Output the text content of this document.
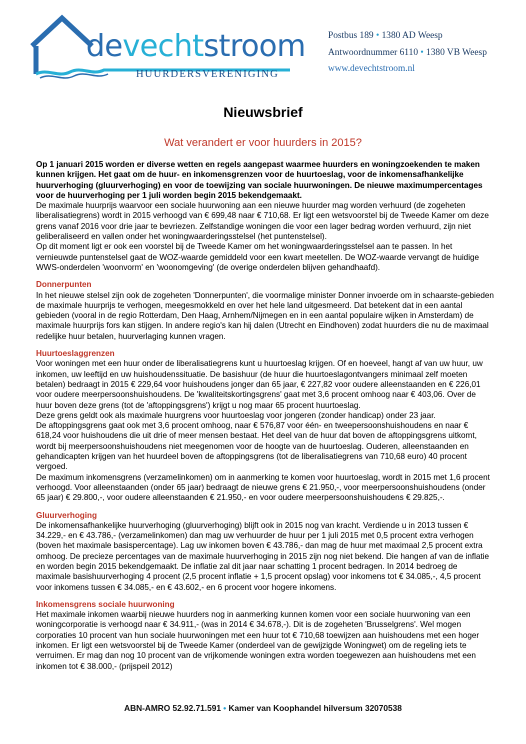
devechtstroom
HUURDERSVERENIGING
Postbus 189 • 1380 AD Weesp
Antwoordnummer 6110 • 1380 VB Weesp
www.devechtstroom.nl
Nieuwsbrief
Wat verandert er voor huurders in 2015?

Op 1 januari 2015 worden er diverse wetten en regels aangepast waarmee huurders en woningzoekenden te maken kunnen krijgen. Het gaat om de huur- en inkomensgrenzen voor de huurtoeslag, voor de inkomensafhankelijke huurverhoging (gluurverhoging) en voor de toewijzing van sociale huurwoningen. De nieuwe maximumpercentages voor de huurverhoging per 1 juli worden begin 2015 bekendgemaakt.

De maximale huurprijs waarvoor een sociale huurwoning aan een nieuwe huurder mag worden verhuurd (de zogeheten liberalisatiegrens) wordt in 2015 verhoogd van € 699,48 naar € 710,68. Er ligt een wetsvoorstel bij de Tweede Kamer om deze grens vanaf 2016 voor drie jaar te bevriezen. Zelfstandige woningen die voor een lager bedrag worden verhuurd, zijn niet geliberaliseerd en vallen onder het woningwaarderingsstelsel (het puntenstelsel).

Op dit moment ligt er ook een voorstel bij de Tweede Kamer om het woningwaarderingsstelsel aan te passen. In het vernieuwde puntenstelsel gaat de WOZ-waarde gemiddeld voor een kwart meetellen. De WOZ-waarde vervangt de huidige WWS-onderdelen 'woonvorm' en 'woonomgeving' (de overige onderdelen blijven gehandhaafd).

Donnerpunten

In het nieuwe stelsel zijn ook de zogeheten 'Donnerpunten', die voormalige minister Donner invoerde om in schaarste-gebieden de maximale huurprijs te verhogen, meegesmokkeld en over het hele land uitgesmeerd. Dat betekent dat in een aantal gebieden (vooral in de regio Rotterdam, Den Haag, Arnhem/Nijmegen en in een aantal populaire wijken in Amsterdam) de maximale huurprijs fors kan stijgen. In andere regio's kan hij dalen (Utrecht en Eindhoven) zodat huurders die nu de maximaal redelijke huur betalen, huurverlaging kunnen vragen.

Huurtoeslaggrenzen

Voor woningen met een huur onder de liberalisatiegrens kunt u huurtoeslag krijgen. Of en hoeveel, hangt af van uw huur, uw inkomen, uw leeftijd en uw huishoudenssituatie. De basishuur (de huur die huurtoeslagontvangers minimaal zelf moeten betalen) bedraagt in 2015 € 229,64 voor huishoudens jonger dan 65 jaar, € 227,82 voor oudere alleenstaanden en € 226,01 voor oudere meerpersoonshuishoudens. De 'kwaliteitskortingsgrens' gaat met 3,6 procent omhoog naar € 403,06. Over de huur boven deze grens (tot de 'aftoppingsgrens') krijgt u nog maar 65 procent huurtoeslag.

Deze grens geldt ook als maximale huurgrens voor huurtoeslag voor jongeren (zonder handicap) onder 23 jaar.

De aftoppingsgrens gaat ook met 3,6 procent omhoog, naar € 576,87 voor één- en tweepersoonshuishoudens en naar € 618,24 voor huishoudens die uit drie of meer mensen bestaat. Het deel van de huur dat boven de aftoppingsgrens uitkomt, wordt bij meerpersoonshuishoudens niet meegenomen voor de hoogte van de huurtoeslag. Ouderen, alleenstaanden en gehandicapten krijgen van het huurdeel boven de aftoppingsgrens (tot de liberalisatiegrens van 710,68 euro) 40 procent vergoed.

De maximum inkomensgrens (verzamelinkomen) om in aanmerking te komen voor huurtoeslag, wordt in 2015 met 1,6 procent verhoogd. Voor alleenstaanden (onder 65 jaar) bedraagt de nieuwe grens € 21.950,-, voor meerpersoonshuishoudens (onder 65 jaar) € 29.800,-, voor oudere alleenstaanden € 21.950,- en voor oudere meerpersoonshuishoudens € 29.825,-.

Gluurverhoging

De inkomensafhankelijke huurverhoging (gluurverhoging) blijft ook in 2015 nog van kracht. Verdiende u in 2013 tussen € 34.229,- en € 43.786,- (verzamelinkomen) dan mag uw verhuurder de huur per 1 juli 2015 met 0,5 procent extra verhogen (boven het maximale basispercentage). Lag uw inkomen boven € 43.786,- dan mag de huur met maximaal 2,5 procent extra omhoog. De precieze percentages van de maximale huurverhoging in 2015 zijn nog niet bekend. Die hangen af van de inflatie en worden begin 2015 bekendgemaakt. De inflatie zal dit jaar naar schatting 1 procent bedragen. In 2014 bedroeg de maximale basishuurverhoging 4 procent (2,5 procent inflatie + 1,5 procent opslag) voor inkomens tot € 34.085,-, 4,5 procent voor inkomens tussen € 34.085,- en € 43.602,- en 6 procent voor hogere inkomens.

Inkomensgrens sociale huurwoning

Het maximale inkomen waarbij nieuwe huurders nog in aanmerking kunnen komen voor een sociale huurwoning van een woningcorporatie is verhoogd naar € 34.911,- (was in 2014 € 34.678,-). Dit is de zogeheten 'Brusselgrens'. Wel mogen corporaties 10 procent van hun sociale huurwoningen met een huur tot € 710,68 toewijzen aan huishoudens met een hoger inkomen. Er ligt een wetsvoorstel bij de Tweede Kamer (onderdeel van de gewijzigde Woningwet) om de regeling iets te verruimen. Er mag dan nog 10 procent van de vrijkomende woningen extra worden toegewezen aan huishoudens met een inkomen tot € 38.000,- (prijspeil 2012)

ABN-AMRO 52.92.71.591 • Kamer van Koophandel hilversum 32070538
